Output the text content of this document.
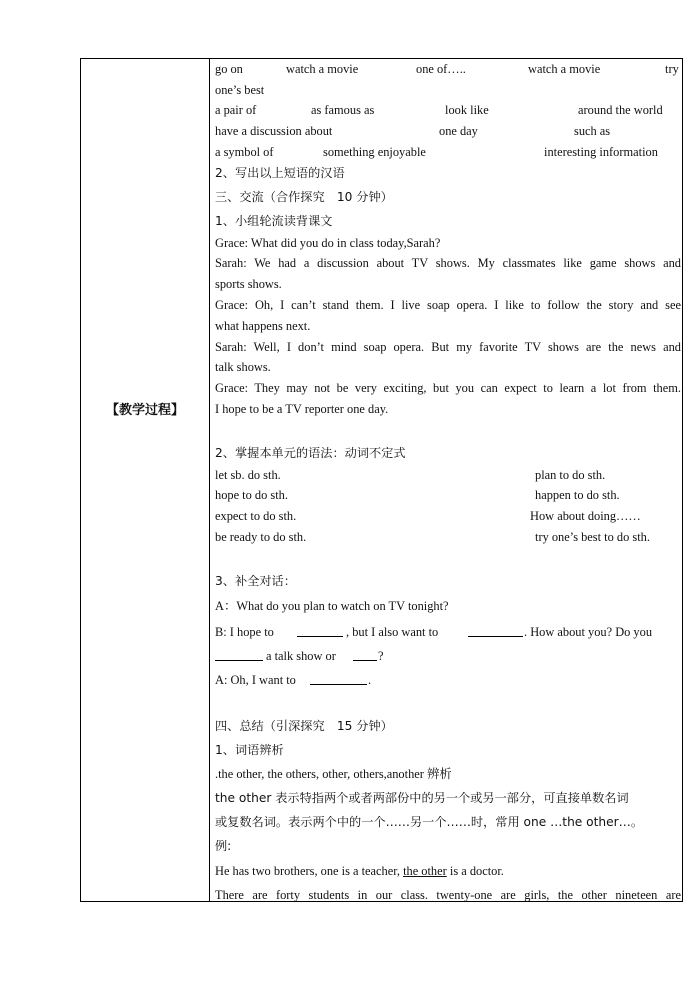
【教学过程】
go on	watch a movie	one of…..	watch a movie	try
one’s best
a pair of	as famous as	look like	around the world
have a discussion about	one day	such as
a symbol of	something enjoyable	interesting information
2、写出以上短语的汉语
三、交流（合作探究　10 分钟）
1、小组轮流读背课文
Grace: What did you do in class today,Sarah?
Sarah: We had a discussion about TV shows. My classmates like game shows and
sports shows.
Grace: Oh, I can’t stand them. I live soap opera. I like to follow the story and see
what happens next.
Sarah: Well, I don’t mind soap opera. But my favorite TV shows are the news and
talk shows.
Grace: They may not be very exciting, but you can expect to learn a lot from them.
I hope to be a TV reporter one day.
2、掌握本单元的语法：动词不定式
let sb. do sth.	plan to do sth.
hope to do sth.	happen to do sth.
expect to do sth.	How about doing……
be ready to do sth.	try one’s best to do sth.
3、补全对话：
A：What do you plan to watch on TV tonight?
B: I hope to	, but I also want to	. How about you? Do you
a talk show or	?
A: Oh, I want to	.
四、总结（引深探究　15 分钟）
1、词语辨析
.the other, the others, other, others,another 辨析
the other 表示特指两个或者两部份中的另一个或另一部分，可直接单数名词
或复数名词。表示两个中的一个……另一个……时，常用 one …the other…。
例:
He has two brothers, one is a teacher, the other is a doctor.
There are forty students in our class. twenty-one are girls, the other nineteen are
